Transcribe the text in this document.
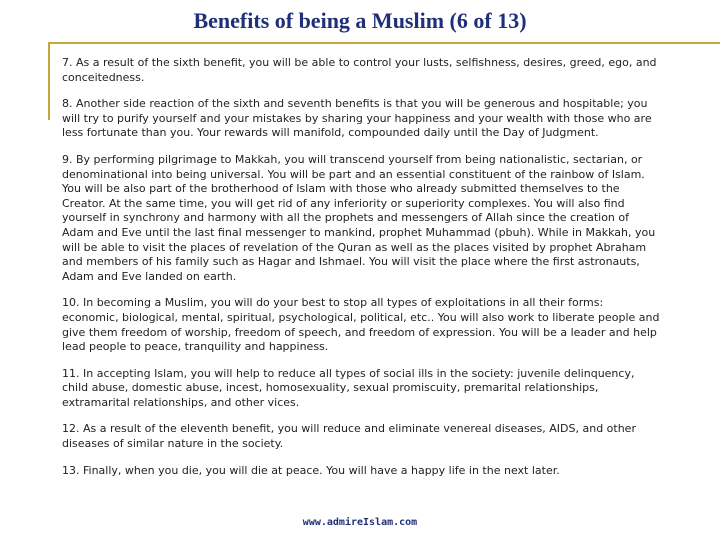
Benefits of being a Muslim (6 of 13)

7. As a result of the sixth benefit, you will be able to control your lusts, selfishness, desires, greed, ego, and conceitedness.

8. Another side reaction of the sixth and seventh benefits is that you will be generous and hospitable; you will try to purify yourself and your mistakes by sharing your happiness and your wealth with those who are less fortunate than you. Your rewards will manifold, compounded daily until the Day of Judgment.

9. By performing pilgrimage to Makkah, you will transcend yourself from being nationalistic, sectarian, or denominational into being universal. You will be part and an essential constituent of the rainbow of Islam. You will be also part of the brotherhood of Islam with those who already submitted themselves to the Creator. At the same time, you will get rid of any inferiority or superiority complexes. You will also find yourself in synchrony and harmony with all the prophets and messengers of Allah since the creation of Adam and Eve until the last final messenger to mankind, prophet Muhammad (pbuh). While in Makkah, you will be able to visit the places of revelation of the Quran as well as the places visited by prophet Abraham and members of his family such as Hagar and Ishmael. You will visit the place where the first astronauts, Adam and Eve landed on earth.

10. In becoming a Muslim, you will do your best to stop all types of exploitations in all their forms: economic, biological, mental, spiritual, psychological, political, etc.. You will also work to liberate people and give them freedom of worship, freedom of speech, and freedom of expression. You will be a leader and help lead people to peace, tranquility and happiness.

11. In accepting Islam, you will help to reduce all types of social ills in the society: juvenile delinquency, child abuse, domestic abuse, incest, homosexuality, sexual promiscuity, premarital relationships, extramarital relationships, and other vices.

12. As a result of the eleventh benefit, you will reduce and eliminate venereal diseases, AIDS, and other diseases of similar nature in the society.

13. Finally, when you die, you will die at peace. You will have a happy life in the next later.

www.admireIslam.com
